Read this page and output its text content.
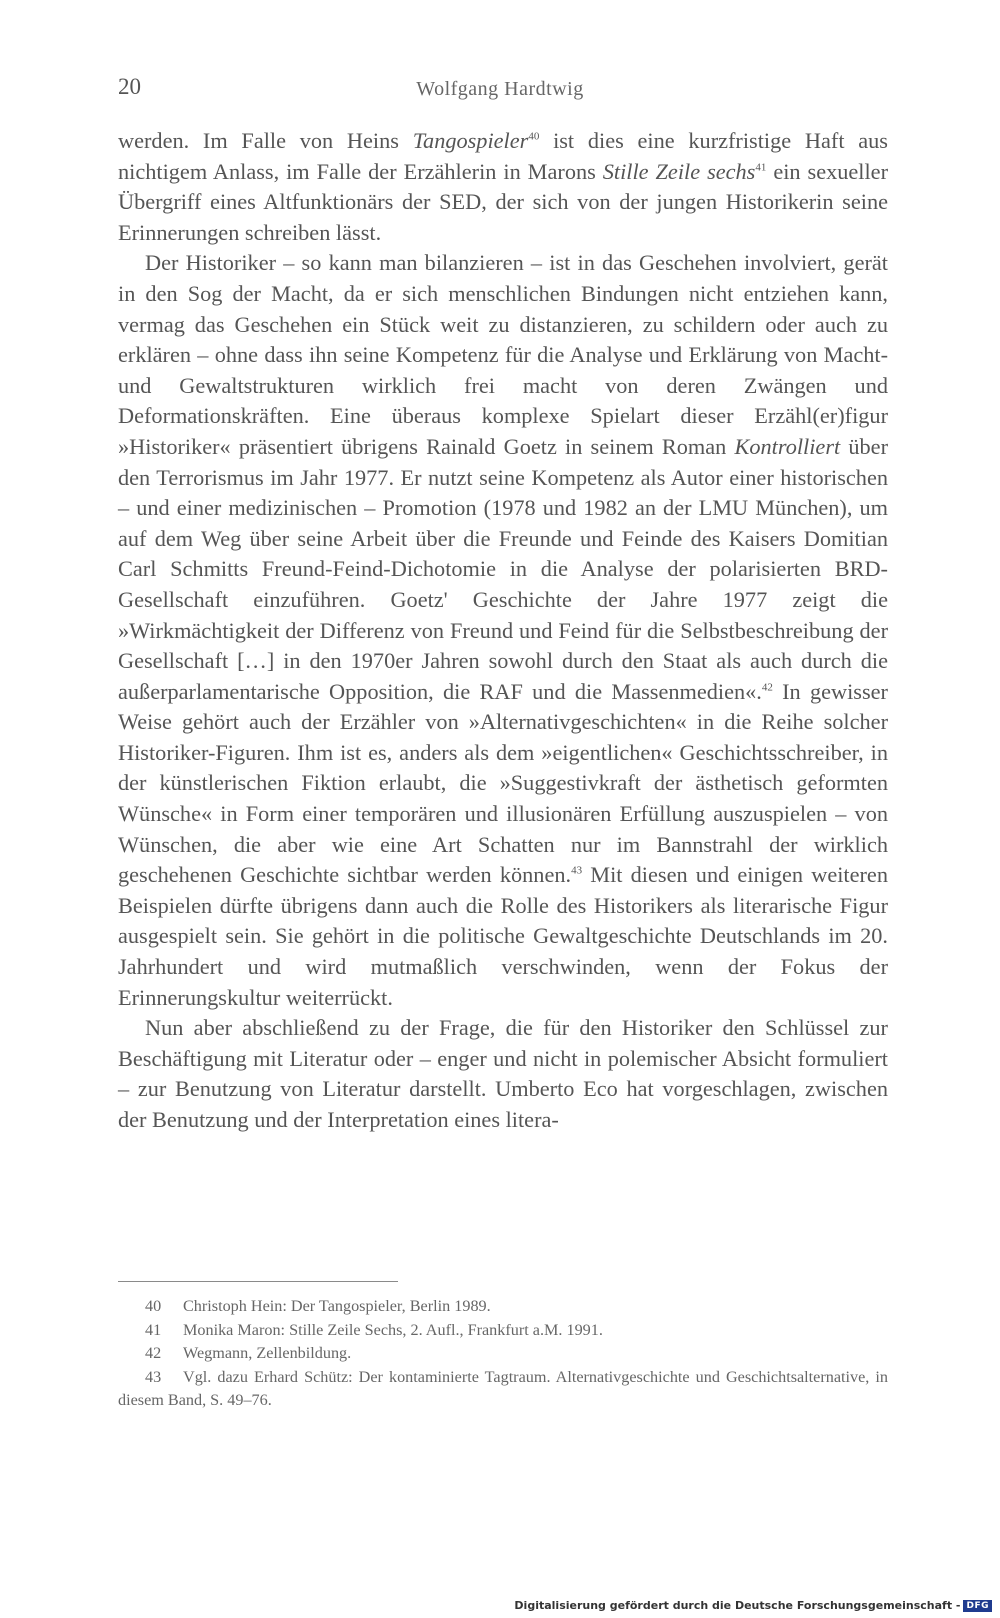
20	Wolfgang Hardtwig

werden. Im Falle von Heins Tangospieler$^{40}$ ist dies eine kurzfristige Haft aus nichtigem Anlass, im Falle der Erzählerin in Marons Stille Zeile sechs$^{41}$ ein sexueller Übergriff eines Altfunktionärs der SED, der sich von der jungen Historikerin seine Erinnerungen schreiben lässt.

Der Historiker – so kann man bilanzieren – ist in das Geschehen involviert, gerät in den Sog der Macht, da er sich menschlichen Bindungen nicht entziehen kann, vermag das Geschehen ein Stück weit zu distanzieren, zu schildern oder auch zu erklären – ohne dass ihn seine Kompetenz für die Analyse und Erklärung von Macht- und Gewaltstrukturen wirklich frei macht von deren Zwängen und Deformationskräften. Eine überaus komplexe Spielart dieser Erzähl(er)figur »Historiker« präsentiert übrigens Rainald Goetz in seinem Roman Kontrolliert über den Terrorismus im Jahr 1977. Er nutzt seine Kompetenz als Autor einer historischen – und einer medizinischen – Promotion (1978 und 1982 an der LMU München), um auf dem Weg über seine Arbeit über die Freunde und Feinde des Kaisers Domitian Carl Schmitts Freund-Feind-Dichotomie in die Analyse der polarisierten BRD-Gesellschaft einzuführen. Goetz' Geschichte der Jahre 1977 zeigt die »Wirkmächtigkeit der Differenz von Freund und Feind für die Selbstbeschreibung der Gesellschaft […] in den 1970er Jahren sowohl durch den Staat als auch durch die außerparlamentarische Opposition, die RAF und die Massenmedien«.$^{42}$ In gewisser Weise gehört auch der Erzähler von »Alternativgeschichten« in die Reihe solcher Historiker-Figuren. Ihm ist es, anders als dem »eigentlichen« Geschichtsschreiber, in der künstlerischen Fiktion erlaubt, die »Suggestivkraft der ästhetisch geformten Wünsche« in Form einer temporären und illusionären Erfüllung auszuspielen – von Wünschen, die aber wie eine Art Schatten nur im Bannstrahl der wirklich geschehenen Geschichte sichtbar werden können.$^{43}$ Mit diesen und einigen weiteren Beispielen dürfte übrigens dann auch die Rolle des Historikers als literarische Figur ausgespielt sein. Sie gehört in die politische Gewaltgeschichte Deutschlands im 20. Jahrhundert und wird mutmaßlich verschwinden, wenn der Fokus der Erinnerungskultur weiterrückt.

Nun aber abschließend zu der Frage, die für den Historiker den Schlüssel zur Beschäftigung mit Literatur oder – enger und nicht in polemischer Absicht formuliert – zur Benutzung von Literatur darstellt. Umberto Eco hat vorgeschlagen, zwischen der Benutzung und der Interpretation eines litera-

40 Christoph Hein: Der Tangospieler, Berlin 1989.

41 Monika Maron: Stille Zeile Sechs, 2. Aufl., Frankfurt a.M. 1991.

42 Wegmann, Zellenbildung.

43 Vgl. dazu Erhard Schütz: Der kontaminierte Tagtraum. Alternativgeschichte und Geschichtsalternative, in diesem Band, S. 49–76.

Digitalisierung gefördert durch die Deutsche Forschungsgemeinschaft - DFG
